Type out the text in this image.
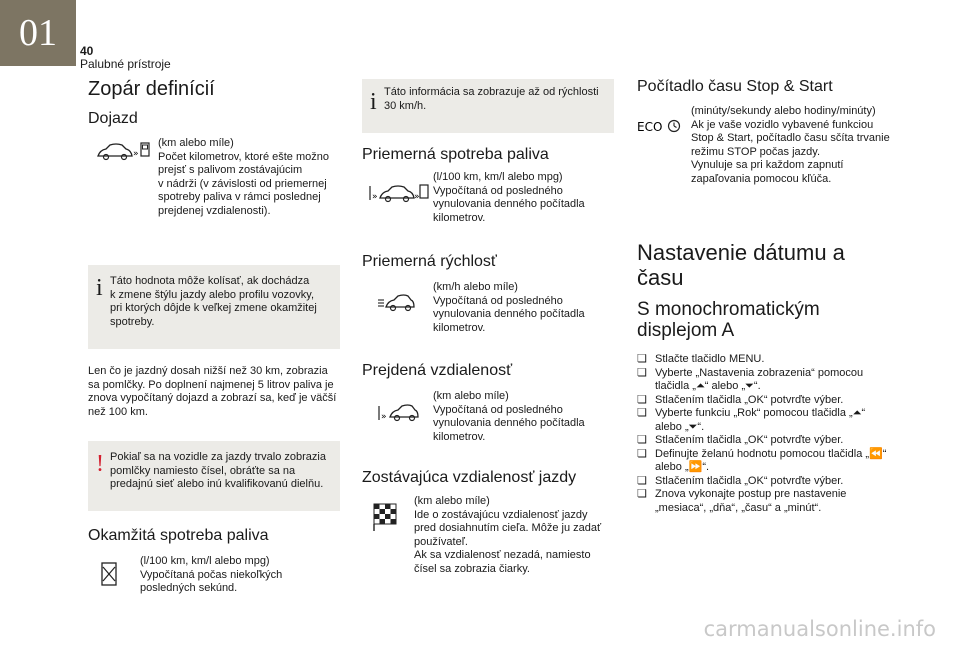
01	40
Palubné prístroje
Zopár definícií
Dojazd
»
(km alebo míle)
Počet kilometrov, ktoré ešte možno
prejsť s palivom zostávajúcim
v nádrži (v závislosti od priemernej
spotreby paliva v rámci poslednej
prejdenej vzdialenosti).
i Táto hodnota môže kolísať, ak dochádza
k zmene štýlu jazdy alebo profilu vozovky,
pri ktorých dôjde k veľkej zmene okamžitej
spotreby.
Len čo je jazdný dosah nižší než 30 km, zobrazia
sa pomlčky. Po doplnení najmenej 5 litrov paliva je
znova vypočítaný dojazd a zobrazí sa, keď je väčší
než 100 km.
! Pokiaľ sa na vozidle za jazdy trvalo zobrazia
pomlčky namiesto čísel, obráťte sa na
predajnú sieť alebo inú kvalifikovanú dielňu.
Okamžitá spotreba paliva
(l/100 km, km/l alebo mpg)
Vypočítaná počas niekoľkých
posledných sekúnd.
i Táto informácia sa zobrazuje až od rýchlosti
30 km/h.
Priemerná spotreba paliva
»	»
(l/100 km, km/l alebo mpg)
Vypočítaná od posledného
vynulovania denného počítadla
kilometrov.
Priemerná rýchlosť
(km/h alebo míle)
Vypočítaná od posledného
vynulovania denného počítadla
kilometrov.
Prejdená vzdialenosť
»
(km alebo míle)
Vypočítaná od posledného
vynulovania denného počítadla
kilometrov.
Zostávajúca vzdialenosť jazdy
(km alebo míle)
Ide o zostávajúcu vzdialenosť jazdy
pred dosiahnutím cieľa. Môže ju zadať
používateľ.
Ak sa vzdialenosť nezadá, namiesto
čísel sa zobrazia čiarky.
Počítadlo času Stop & Start
ECO
(minúty/sekundy alebo hodiny/minúty)
Ak je vaše vozidlo vybavené funkciou
Stop & Start, počítadlo času sčíta trvanie
režimu STOP počas jazdy.
Vynuluje sa pri každom zapnutí
zapaľovania pomocou kľúča.
Nastavenie dátumu a
času
S monochromatickým
displejom A
❏ Stlačte tlačidlo MENU.
❏ Vyberte „Nastavenia zobrazenia“ pomocou
tlačidla „⏶“ alebo „⏷“.
❏ Stlačením tlačidla „OK“ potvrďte výber.
❏ Vyberte funkciu „Rok“ pomocou tlačidla „⏶“
alebo „⏷“.
❏ Stlačením tlačidla „OK“ potvrďte výber.
❏ Definujte želanú hodnotu pomocou tlačidla „⏪“
alebo „⏩“.
❏ Stlačením tlačidla „OK“ potvrďte výber.
❏ Znova vykonajte postup pre nastavenie
„mesiaca“, „dňa“, „času“ a „minút“.
carmanualsonline.info
